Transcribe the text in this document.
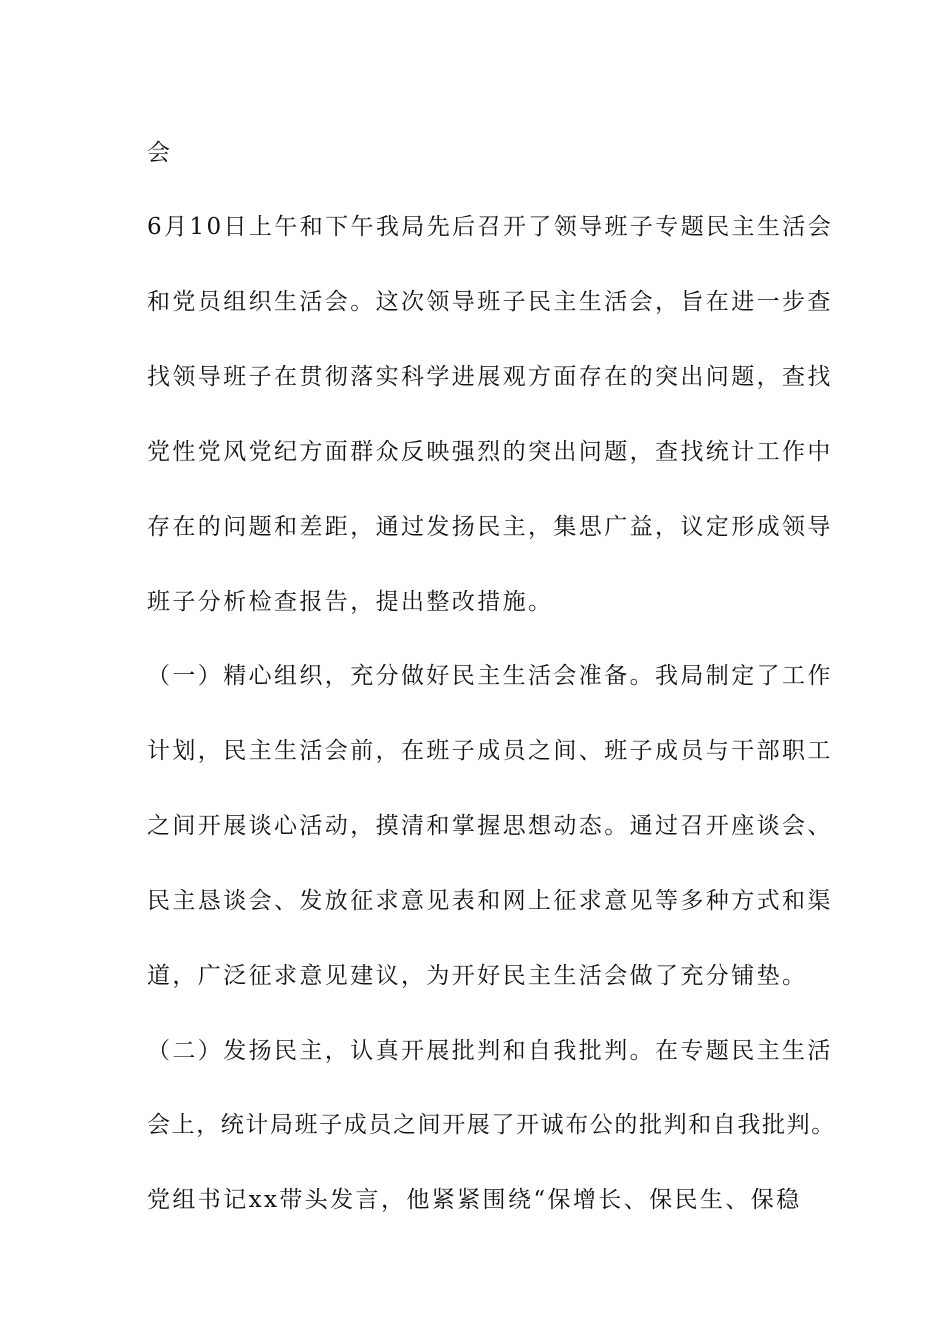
会
6月10日上午和下午我局先后召开了领导班子专题民主生活会
和党员组织生活会。这次领导班子民主生活会，旨在进一步查
找领导班子在贯彻落实科学进展观方面存在的突出问题，查找
党性党风党纪方面群众反映强烈的突出问题，查找统计工作中
存在的问题和差距，通过发扬民主，集思广益，议定形成领导
班子分析检查报告，提出整改措施。
（一）精心组织，充分做好民主生活会准备。我局制定了工作
计划，民主生活会前，在班子成员之间、班子成员与干部职工
之间开展谈心活动，摸清和掌握思想动态。通过召开座谈会、
民主恳谈会、发放征求意见表和网上征求意见等多种方式和渠
道，广泛征求意见建议，为开好民主生活会做了充分铺垫。
（二）发扬民主，认真开展批判和自我批判。在专题民主生活
会上，统计局班子成员之间开展了开诚布公的批判和自我批判。
党组书记xx带头发言，他紧紧围绕“保增长、保民生、保稳
